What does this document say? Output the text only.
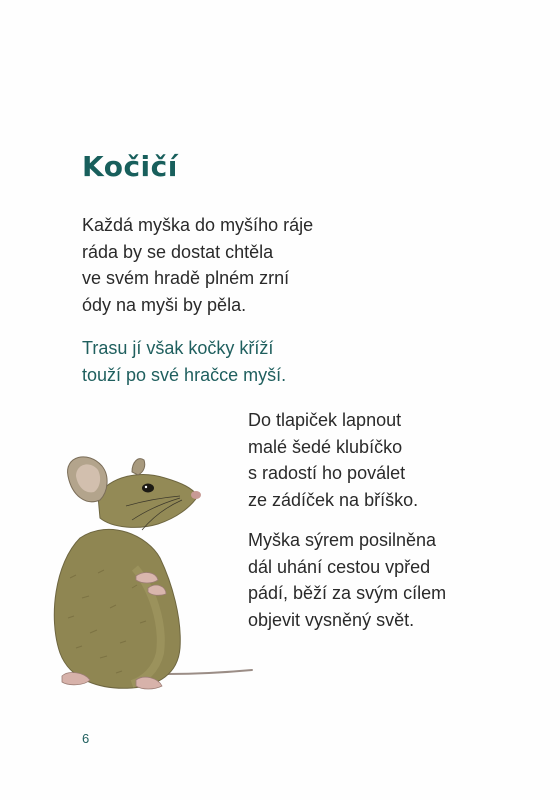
Kočičí

Každá myška do myšího ráje
ráda by se dostat chtěla
ve svém hradě plném zrní
ódy na myši by pěla.

Trasu jí však kočky kříží
touží po své hračce myší.

Do tlapiček lapnout
malé šedé klubíčko
s radostí ho poválet
ze zádíček na bříško.

Myška sýrem posilněna
dál uhání cestou vpřed
pádí, běží za svým cílem
objevit vysněný svět.

6
